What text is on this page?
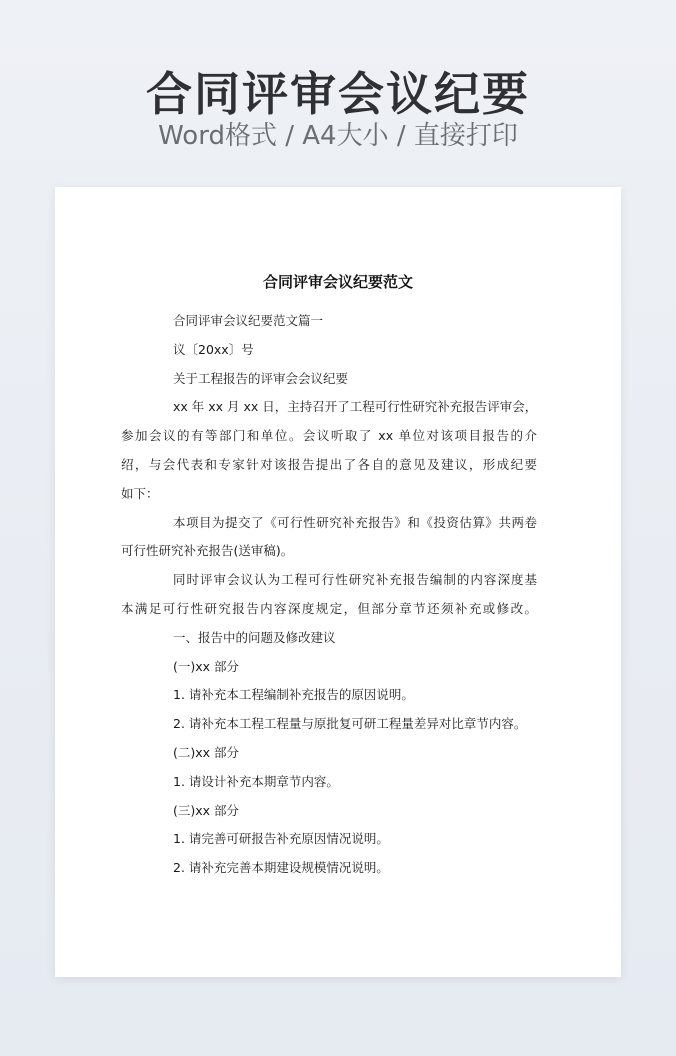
合同评审会议纪要
Word格式 / A4大小 / 直接打印
合同评审会议纪要范文
合同评审会议纪要范文篇一
议〔20xx〕号
关于工程报告的评审会会议纪要
xx 年 xx 月 xx 日，主持召开了工程可行性研究补充报告评审会，
参加会议的有等部门和单位。会议听取了 xx 单位对该项目报告的介
绍，与会代表和专家针对该报告提出了各自的意见及建议，形成纪要
如下：
本项目为提交了《可行性研究补充报告》和《投资估算》共两卷
可行性研究补充报告(送审稿)。
同时评审会议认为工程可行性研究补充报告编制的内容深度基
本满足可行性研究报告内容深度规定，但部分章节还须补充或修改。
一、报告中的问题及修改建议
(一)xx 部分
1. 请补充本工程编制补充报告的原因说明。
2. 请补充本工程工程量与原批复可研工程量差异对比章节内容。
(二)xx 部分
1. 请设计补充本期章节内容。
(三)xx 部分
1. 请完善可研报告补充原因情况说明。
2. 请补充完善本期建设规模情况说明。
